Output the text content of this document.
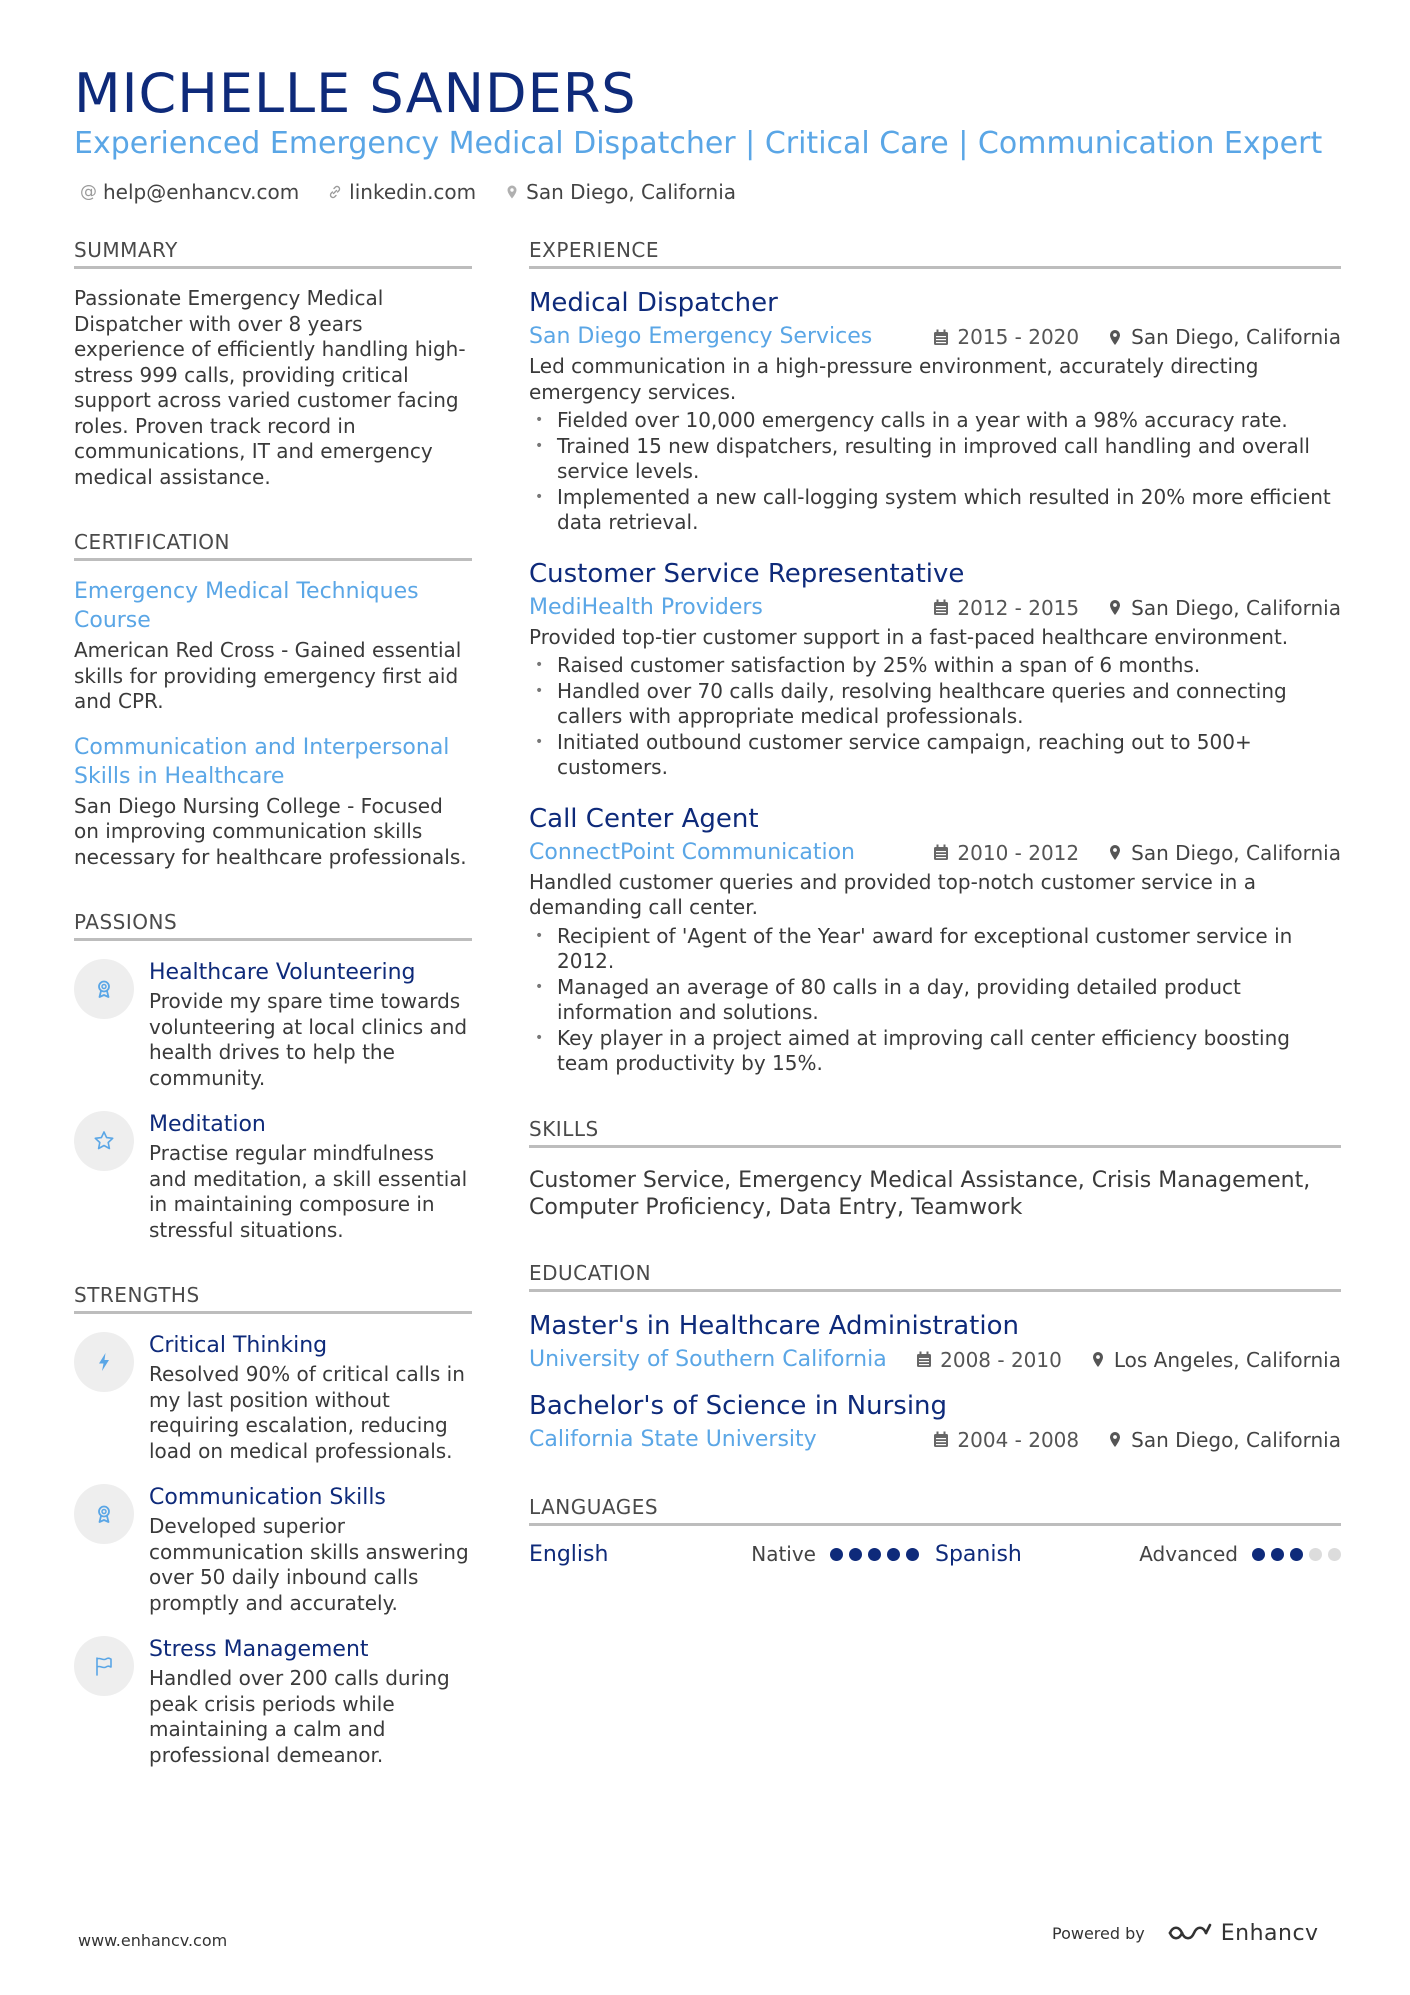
MICHELLE SANDERS
Experienced Emergency Medical Dispatcher | Critical Care | Communication Expert
@ help@enhancv.com	linkedin.com	San Diego, California
SUMMARY

Passionate Emergency Medical Dispatcher with over 8 years experience of efficiently handling high-stress 999 calls, providing critical support across varied customer facing roles. Proven track record in communications, IT and emergency medical assistance.

CERTIFICATION
Emergency Medical Techniques Course
American Red Cross - Gained essential skills for providing emergency first aid and CPR.
Communication and Interpersonal Skills in Healthcare
San Diego Nursing College - Focused on improving communication skills necessary for healthcare professionals.
PASSIONS
Healthcare Volunteering
Provide my spare time towards volunteering at local clinics and health drives to help the community.
Meditation
Practise regular mindfulness and meditation, a skill essential in maintaining composure in stressful situations.
STRENGTHS
Critical Thinking
Resolved 90% of critical calls in my last position without requiring escalation, reducing load on medical professionals.
Communication Skills
Developed superior communication skills answering over 50 daily inbound calls promptly and accurately.
Stress Management
Handled over 200 calls during peak crisis periods while maintaining a calm and professional demeanor.
EXPERIENCE
Medical Dispatcher
San Diego Emergency Services	2015 - 2020	San Diego, California
Led communication in a high-pressure environment, accurately directing emergency services.
• Fielded over 10,000 emergency calls in a year with a 98% accuracy rate.
• Trained 15 new dispatchers, resulting in improved call handling and overall service levels.
• Implemented a new call-logging system which resulted in 20% more efficient data retrieval.
Customer Service Representative
MediHealth Providers	2012 - 2015	San Diego, California
Provided top-tier customer support in a fast-paced healthcare environment.
• Raised customer satisfaction by 25% within a span of 6 months.
• Handled over 70 calls daily, resolving healthcare queries and connecting callers with appropriate medical professionals.
• Initiated outbound customer service campaign, reaching out to 500+ customers.
Call Center Agent
ConnectPoint Communication	2010 - 2012	San Diego, California
Handled customer queries and provided top-notch customer service in a demanding call center.
• Recipient of 'Agent of the Year' award for exceptional customer service in 2012.
• Managed an average of 80 calls in a day, providing detailed product information and solutions.
• Key player in a project aimed at improving call center efficiency boosting team productivity by 15%.
SKILLS

Customer Service, Emergency Medical Assistance, Crisis Management, Computer Proficiency, Data Entry, Teamwork

EDUCATION
Master's in Healthcare Administration
University of Southern California	2008 - 2010	Los Angeles, California
Bachelor's of Science in Nursing
California State University	2004 - 2008	San Diego, California
LANGUAGES
English	Native	Spanish	Advanced
www.enhancv.com	Powered by	Enhancv
